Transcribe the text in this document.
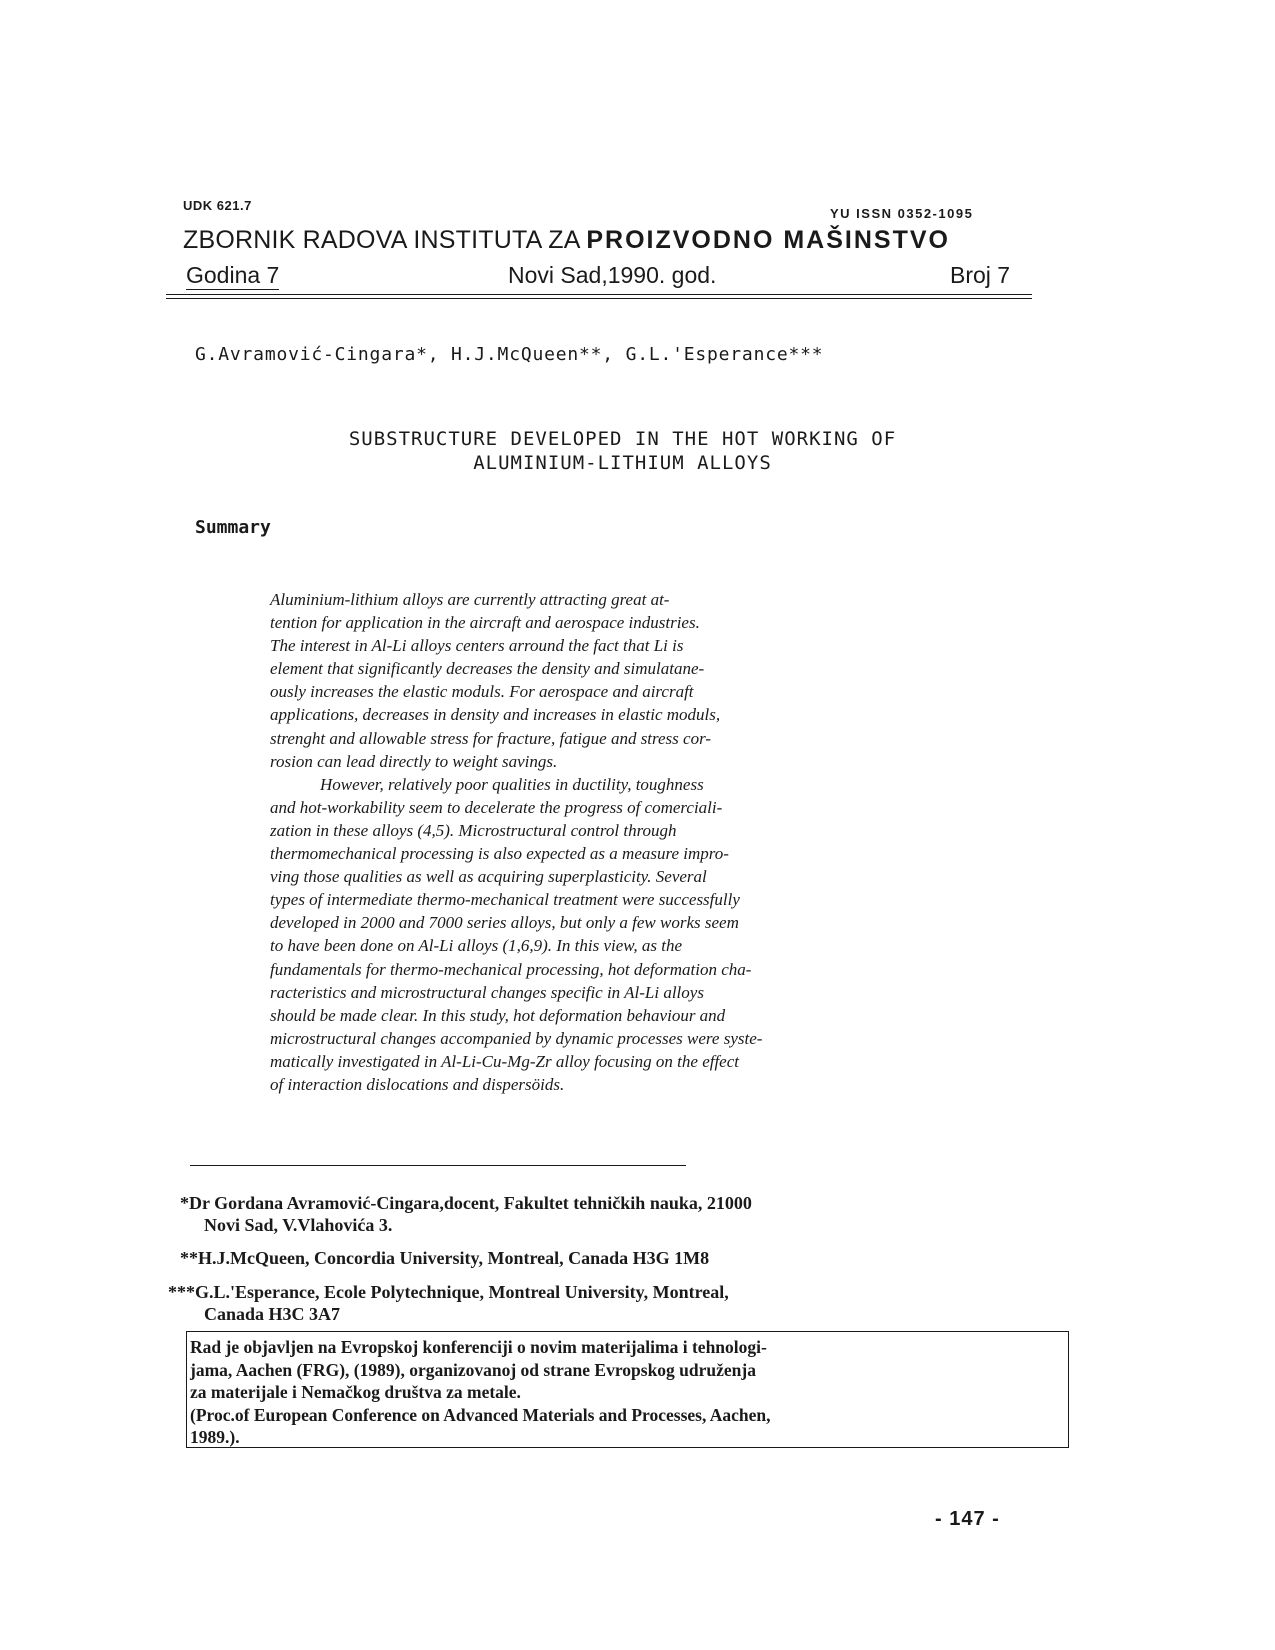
UDK 621.7
YU ISSN 0352-1095
ZBORNIK RADOVA INSTITUTA ZA PROIZVODNO MAŠINSTVO
Godina 7	Novi Sad,1990. god.	Broj 7
G.Avramović-Cingara*, H.J.McQueen**, G.L.'Esperance***
SUBSTRUCTURE DEVELOPED IN THE HOT WORKING OF
ALUMINIUM-LITHIUM ALLOYS
Summary
Aluminium-lithium alloys are currently attracting great at-
tention for application in the aircraft and aerospace industries.
The interest in Al-Li alloys centers arround the fact that Li is
element that significantly decreases the density and simulatane-
ously increases the elastic moduls. For aerospace and aircraft
applications, decreases in density and increases in elastic moduls,
strenght and allowable stress for fracture, fatigue and stress cor-
rosion can lead directly to weight savings.
However, relatively poor qualities in ductility, toughness
and hot-workability seem to decelerate the progress of comerciali-
zation in these alloys (4,5). Microstructural control through
thermomechanical processing is also expected as a measure impro-
ving those qualities as well as acquiring superplasticity. Several
types of intermediate thermo-mechanical treatment were successfully
developed in 2000 and 7000 series alloys, but only a few works seem
to have been done on Al-Li alloys (1,6,9). In this view, as the
fundamentals for thermo-mechanical processing, hot deformation cha-
racteristics and microstructural changes specific in Al-Li alloys
should be made clear. In this study, hot deformation behaviour and
microstructural changes accompanied by dynamic processes were syste-
matically investigated in Al-Li-Cu-Mg-Zr alloy focusing on the effect
of interaction dislocations and dispersöids.
*Dr Gordana Avramović-Cingara,docent, Fakultet tehničkih nauka, 21000
Novi Sad, V.Vlahovića 3.
**H.J.McQueen, Concordia University, Montreal, Canada H3G 1M8
***G.L.'Esperance, Ecole Polytechnique, Montreal University, Montreal,
Canada H3C 3A7
Rad je objavljen na Evropskoj konferenciji o novim materijalima i tehnologi-
jama, Aachen (FRG), (1989), organizovanoj od strane Evropskog udruženja
za materijale i Nemačkog društva za metale.
(Proc.of European Conference on Advanced Materials and Processes, Aachen,
1989.).
- 147 -
